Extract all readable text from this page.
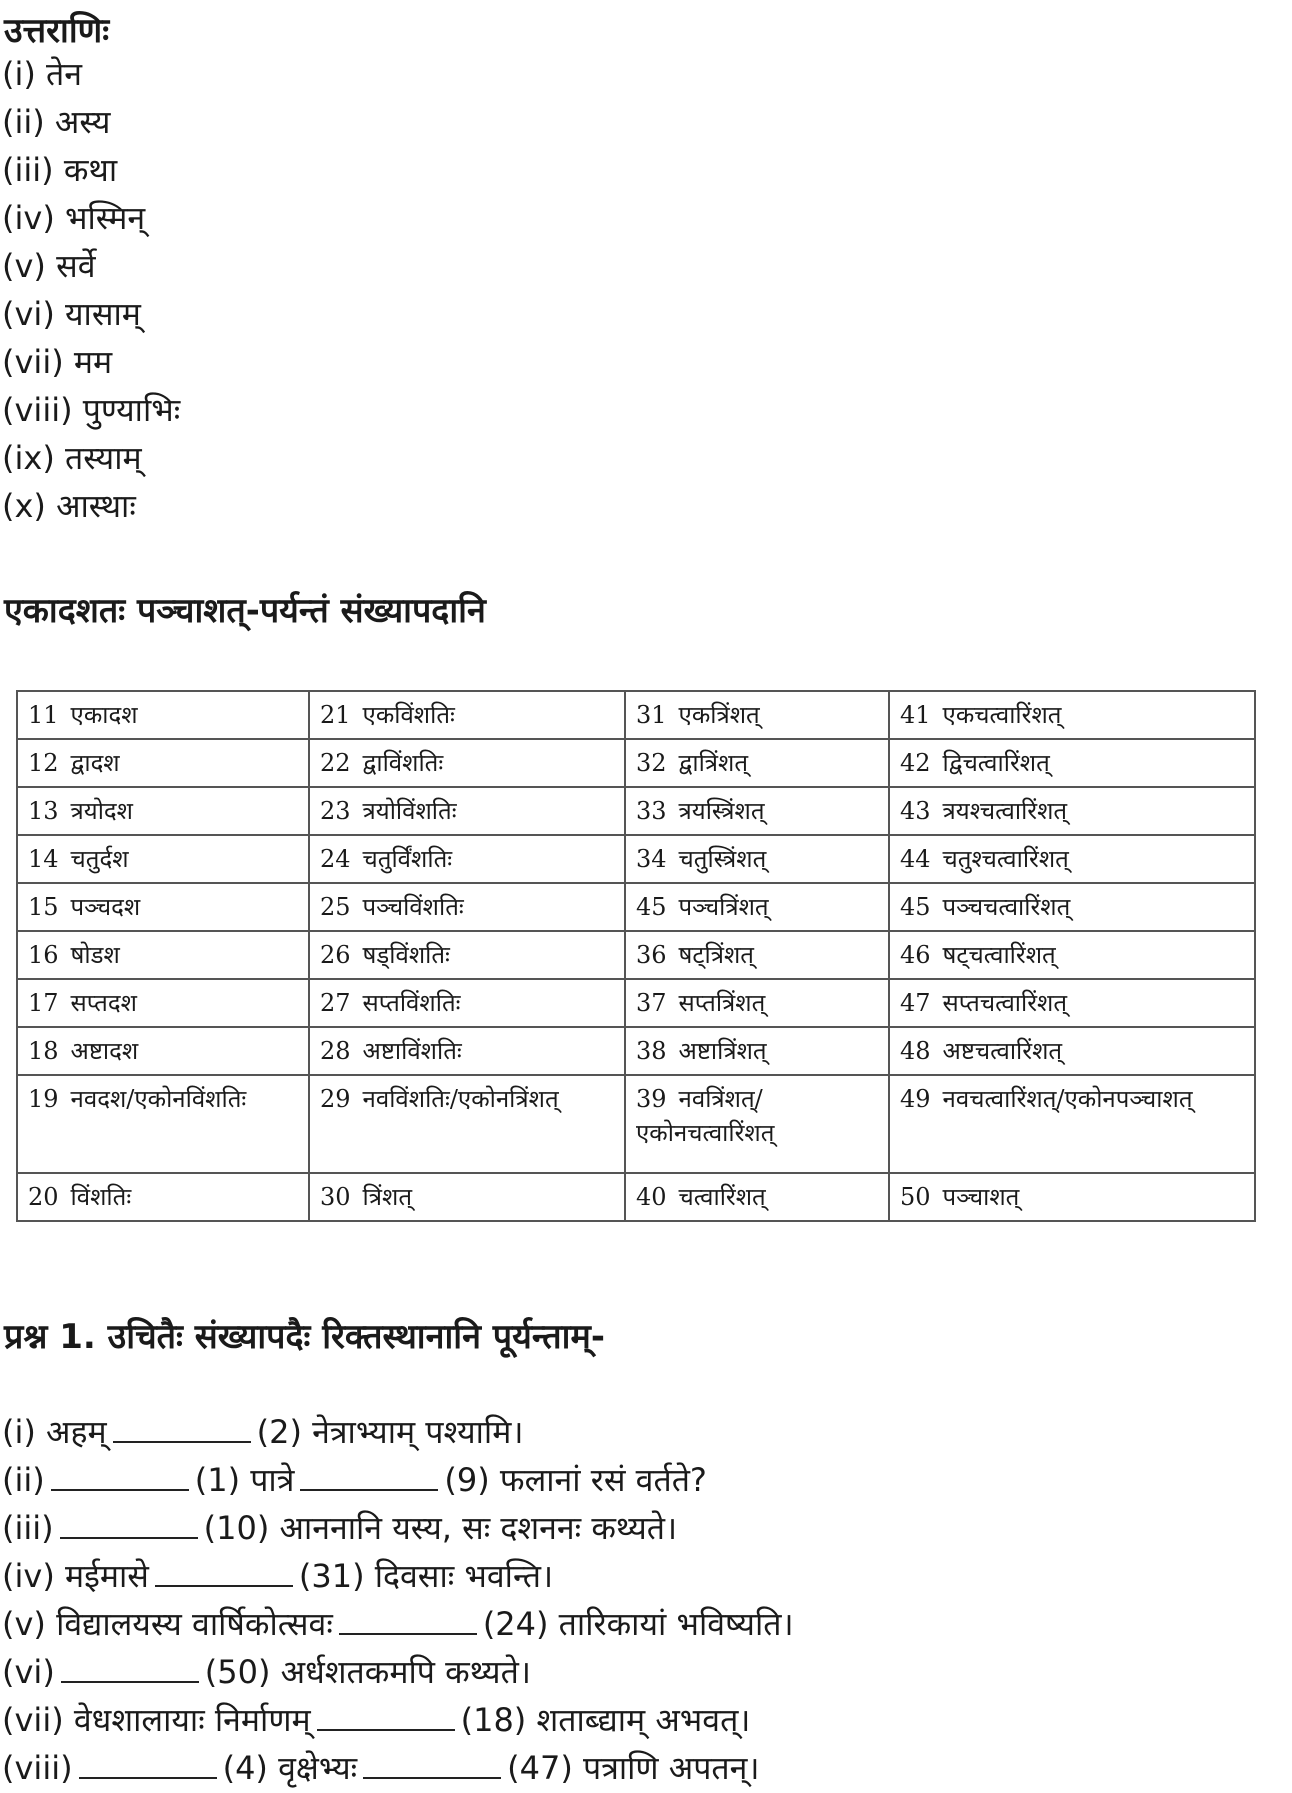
उत्तराणिः
(i) तेन
(ii) अस्य
(iii) कथा
(iv) भस्मिन्
(v) सर्वे
(vi) यासाम्
(vii) मम
(viii) पुण्याभिः
(ix) तस्याम्
(x) आस्थाः
एकादशतः पञ्चाशत्-पर्यन्तं संख्यापदानि
11 एकादश	21 एकविंशतिः	31 एकत्रिंशत्	41 एकचत्वारिंशत्
12 द्वादश	22 द्वाविंशतिः	32 द्वात्रिंशत्	42 द्विचत्वारिंशत्
13 त्रयोदश	23 त्रयोविंशतिः	33 त्रयस्त्रिंशत्	43 त्रयश्चत्वारिंशत्
14 चतुर्दश	24 चतुर्विंशतिः	34 चतुस्त्रिंशत्	44 चतुश्चत्वारिंशत्
15 पञ्चदश	25 पञ्चविंशतिः	45 पञ्चत्रिंशत्	45 पञ्चचत्वारिंशत्
16 षोडश	26 षड्विंशतिः	36 षट्त्रिंशत्	46 षट्चत्वारिंशत्
17 सप्तदश	27 सप्तविंशतिः	37 सप्तत्रिंशत्	47 सप्तचत्वारिंशत्
18 अष्टादश	28 अष्टाविंशतिः	38 अष्टात्रिंशत्	48 अष्टचत्वारिंशत्
19 नवदश/एकोनविंशतिः	29 नवविंशतिः/एकोनत्रिंशत्	39 नवत्रिंशत्/एकोनचत्वारिंशत्	49 नवचत्वारिंशत्/एकोनपञ्चाशत्
20 विंशतिः	30 त्रिंशत्	40 चत्वारिंशत्	50 पञ्चाशत्
प्रश्न 1. उचितैः संख्यापदैः रिक्तस्थानानि पूर्यन्ताम्-
(i) अहम्	(2) नेत्राभ्याम् पश्यामि।
(ii)	(1) पात्रे	(9) फलानां रसं वर्तते?
(iii)	(10) आननानि यस्य, सः दशननः कथ्यते।
(iv) मईमासे	(31) दिवसाः भवन्ति।
(v) विद्यालयस्य वार्षिकोत्सवः	(24) तारिकायां भविष्यति।
(vi)	(50) अर्धशतकमपि कथ्यते।
(vii) वेधशालायाः निर्माणम्	(18) शताब्द्याम् अभवत्।
(viii)	(4) वृक्षेभ्यः	(47) पत्राणि अपतन्।
